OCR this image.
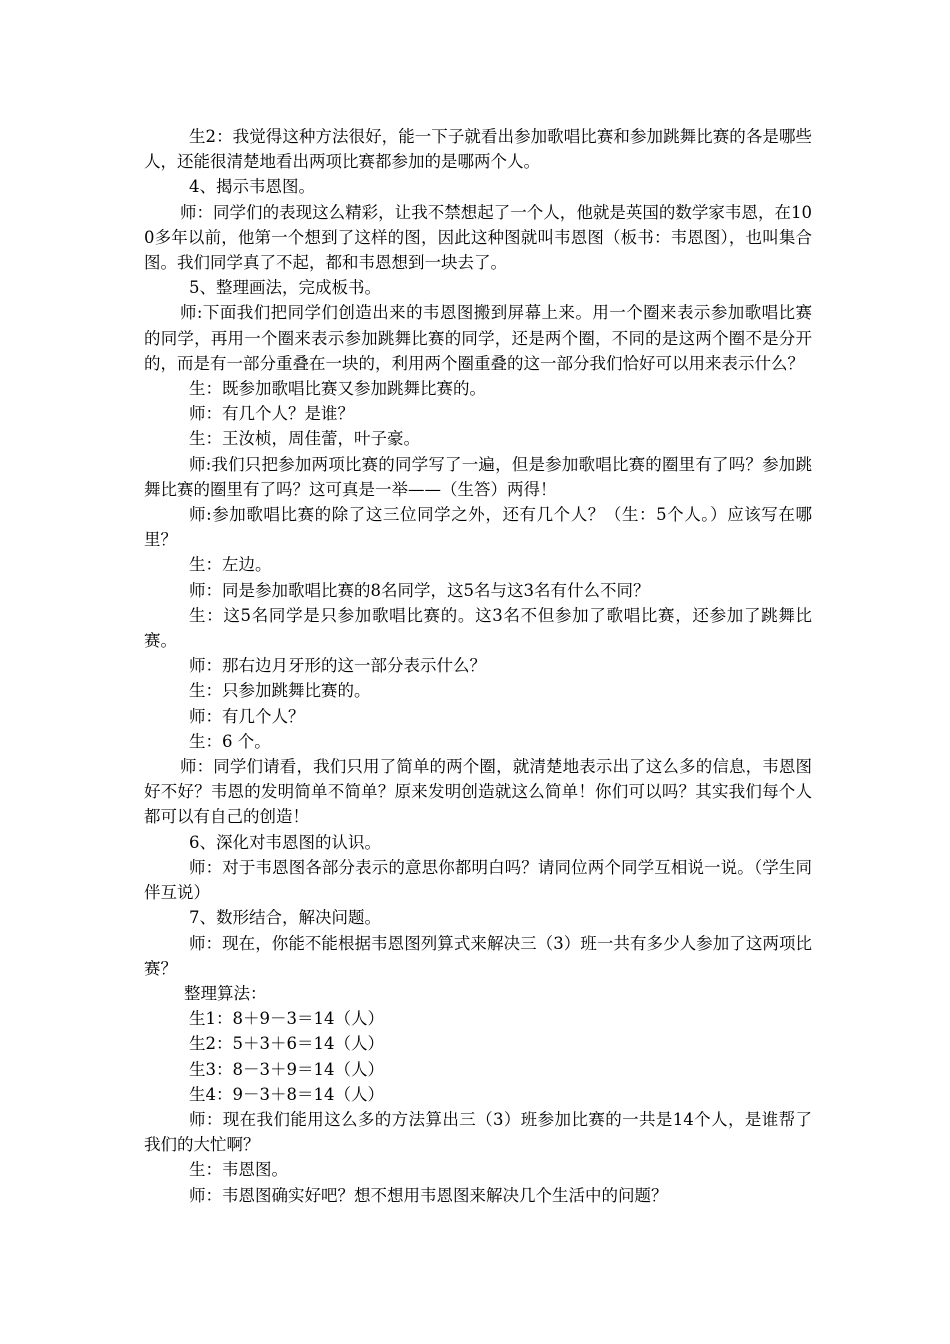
生2：我觉得这种方法很好，能一下子就看出参加歌唱比赛和参加跳舞比赛的各是哪些人，还能很清楚地看出两项比赛都参加的是哪两个人。

4、揭示韦恩图。

师：同学们的表现这么精彩，让我不禁想起了一个人，他就是英国的数学家韦恩，在100多年以前，他第一个想到了这样的图，因此这种图就叫韦恩图（板书：韦恩图），也叫集合图。我们同学真了不起，都和韦恩想到一块去了。

5、整理画法，完成板书。

师:下面我们把同学们创造出来的韦恩图搬到屏幕上来。用一个圈来表示参加歌唱比赛的同学，再用一个圈来表示参加跳舞比赛的同学，还是两个圈，不同的是这两个圈不是分开的，而是有一部分重叠在一块的，利用两个圈重叠的这一部分我们恰好可以用来表示什么？

生：既参加歌唱比赛又参加跳舞比赛的。

师：有几个人？是谁？

生：王汝桢，周佳蕾，叶子豪。

师:我们只把参加两项比赛的同学写了一遍，但是参加歌唱比赛的圈里有了吗？参加跳舞比赛的圈里有了吗？这可真是一举——（生答）两得！

师:参加歌唱比赛的除了这三位同学之外，还有几个人？（生：5个人。）应该写在哪里？

生：左边。

师：同是参加歌唱比赛的8名同学，这5名与这3名有什么不同？

生：这5名同学是只参加歌唱比赛的。这3名不但参加了歌唱比赛，还参加了跳舞比赛。

师：那右边月牙形的这一部分表示什么？

生：只参加跳舞比赛的。

师：有几个人？

生：6 个。

师：同学们请看，我们只用了简单的两个圈，就清楚地表示出了这么多的信息，韦恩图好不好？韦恩的发明简单不简单？原来发明创造就这么简单！你们可以吗？其实我们每个人都可以有自己的创造！

6、深化对韦恩图的认识。

师：对于韦恩图各部分表示的意思你都明白吗？请同位两个同学互相说一说。（学生同伴互说）

7、数形结合，解决问题。

师：现在，你能不能根据韦恩图列算式来解决三（3）班一共有多少人参加了这两项比赛？

整理算法：

生1：8＋9－3＝14（人）

生2：5＋3＋6＝14（人）

生3：8－3＋9＝14（人）

生4：9－3＋8＝14（人）

师：现在我们能用这么多的方法算出三（3）班参加比赛的一共是14个人，是谁帮了我们的大忙啊？

生：韦恩图。

师：韦恩图确实好吧？想不想用韦恩图来解决几个生活中的问题？
